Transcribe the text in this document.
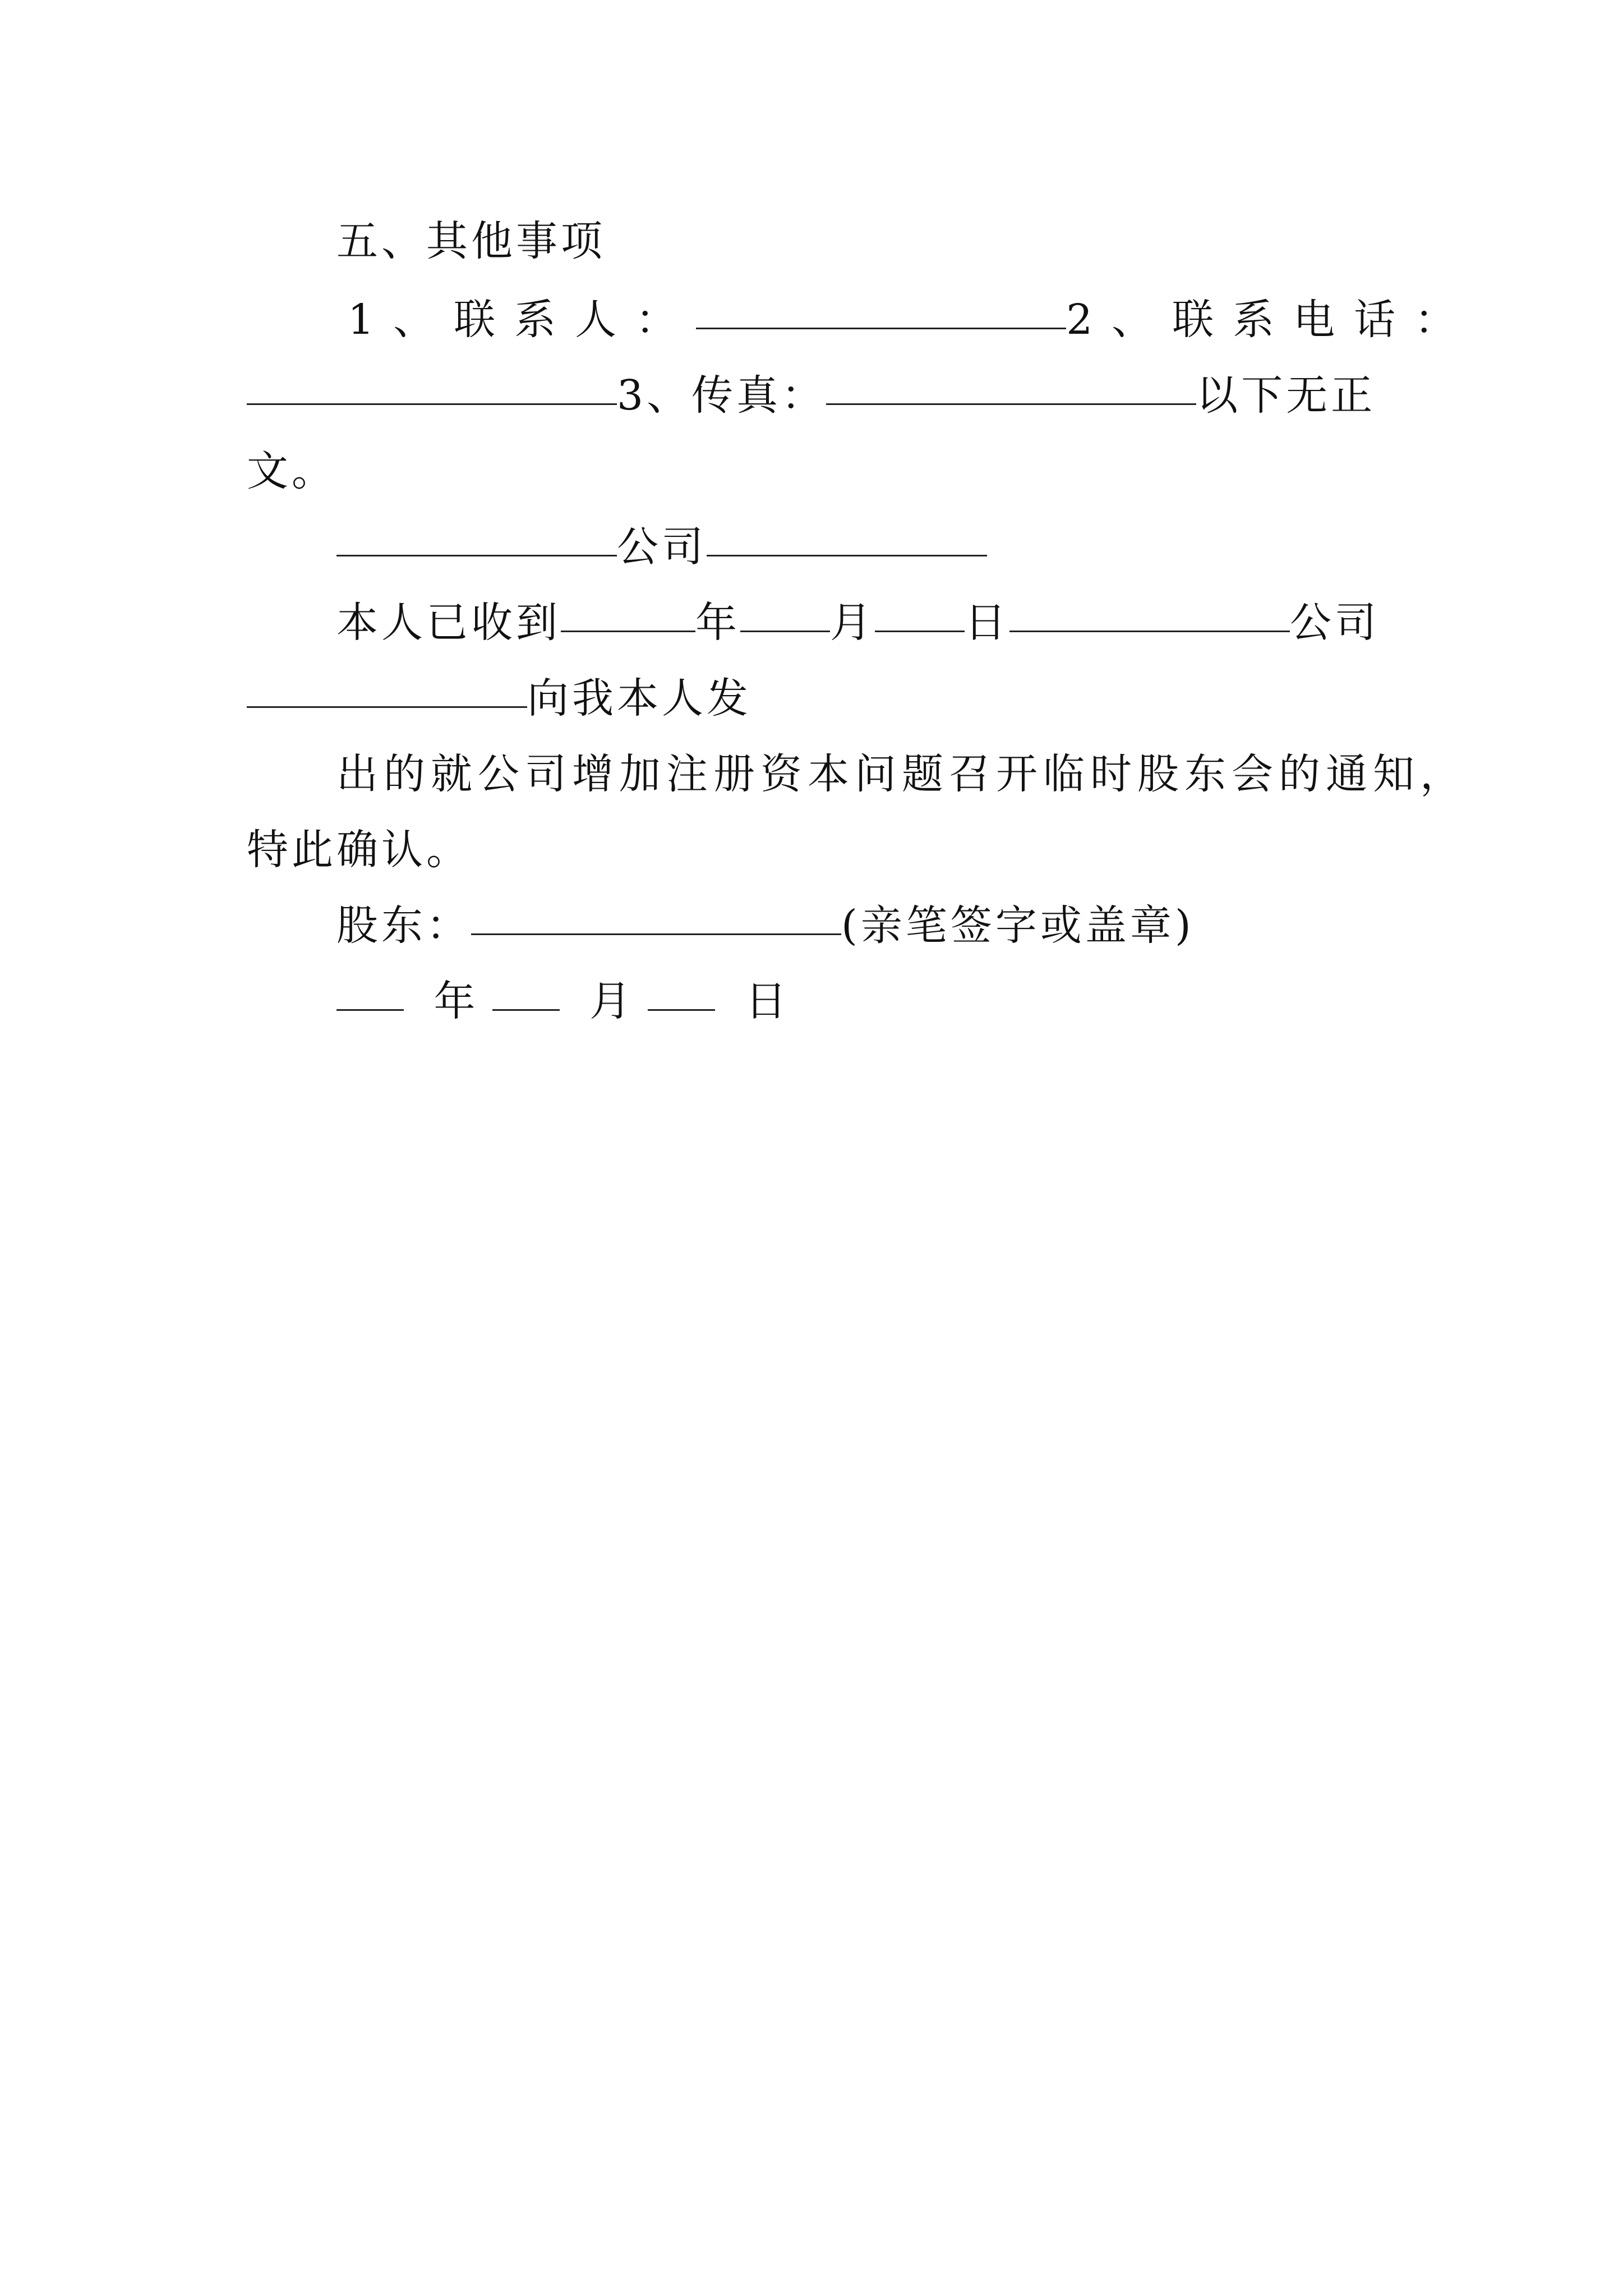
五、其他事项
1、联系人：	2、联系电话：
3、传真：	以下无正
文。
公司
本人已收到	年 月 日	公司
向我本人发
出的就公司增加注册资本问题召开临时股东会的通知，
特此确认。
股东：	(亲笔签字或盖章)
年	月	日
